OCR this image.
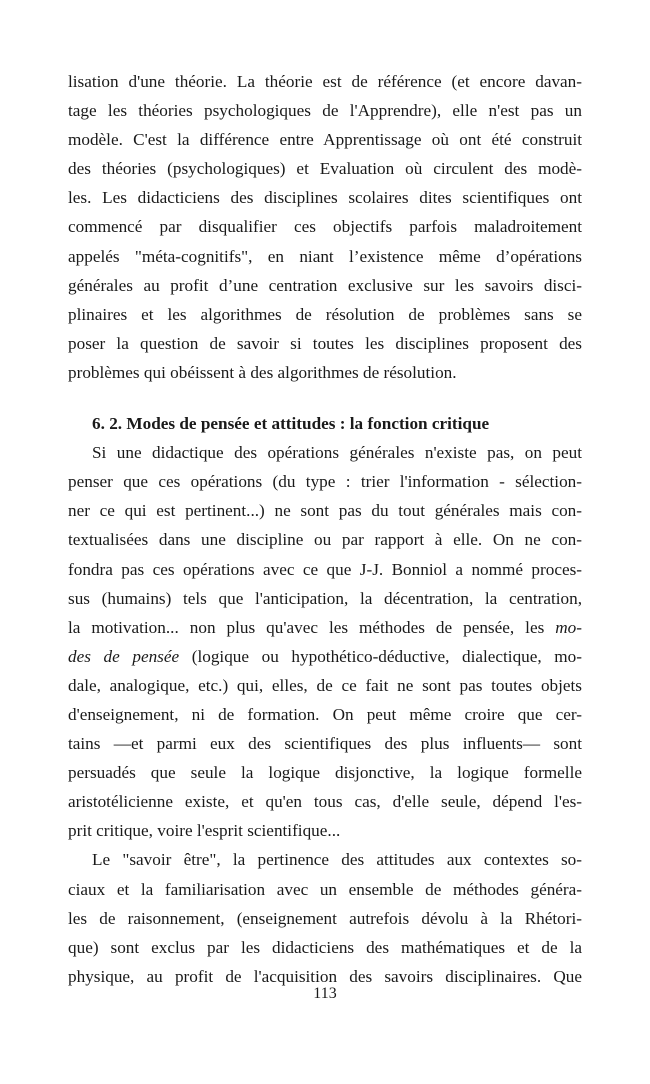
lisation d'une théorie. La théorie est de référence (et encore davan-
tage les théories psychologiques de l'Apprendre), elle n'est pas un
modèle. C'est la différence entre Apprentissage où ont été construit
des théories (psychologiques) et Evaluation où circulent des modè-
les. Les didacticiens des disciplines scolaires dites scientifiques ont
commencé par disqualifier ces objectifs parfois maladroitement
appelés "méta-cognitifs", en niant l’existence même d’opérations
générales au profit d’une centration exclusive sur les savoirs disci-
plinaires et les algorithmes de résolution de problèmes sans se
poser la question de savoir si toutes les disciplines proposent des
problèmes qui obéissent à des algorithmes de résolution.
6. 2. Modes de pensée et attitudes : la fonction critique
Si une didactique des opérations générales n'existe pas, on peut
penser que ces opérations (du type : trier l'information - sélection-
ner ce qui est pertinent...) ne sont pas du tout générales mais con-
textualisées dans une discipline ou par rapport à elle. On ne con-
fondra pas ces opérations avec ce que J-J. Bonniol a nommé proces-
sus (humains) tels que l'anticipation, la décentration, la centration,
la motivation... non plus qu'avec les méthodes de pensée, les mo-
des de pensée (logique ou hypothético-déductive, dialectique, mo-
dale, analogique, etc.) qui, elles, de ce fait ne sont pas toutes objets
d'enseignement, ni de formation. On peut même croire que cer-
tains —et parmi eux des scientifiques des plus influents— sont
persuadés que seule la logique disjonctive, la logique formelle
aristotélicienne existe, et qu'en tous cas, d'elle seule, dépend l'es-
prit critique, voire l'esprit scientifique...
Le "savoir être", la pertinence des attitudes aux contextes so-
ciaux et la familiarisation avec un ensemble de méthodes généra-
les de raisonnement, (enseignement autrefois dévolu à la Rhétori-
que) sont exclus par les didacticiens des mathématiques et de la
physique, au profit de l'acquisition des savoirs disciplinaires. Que
113
